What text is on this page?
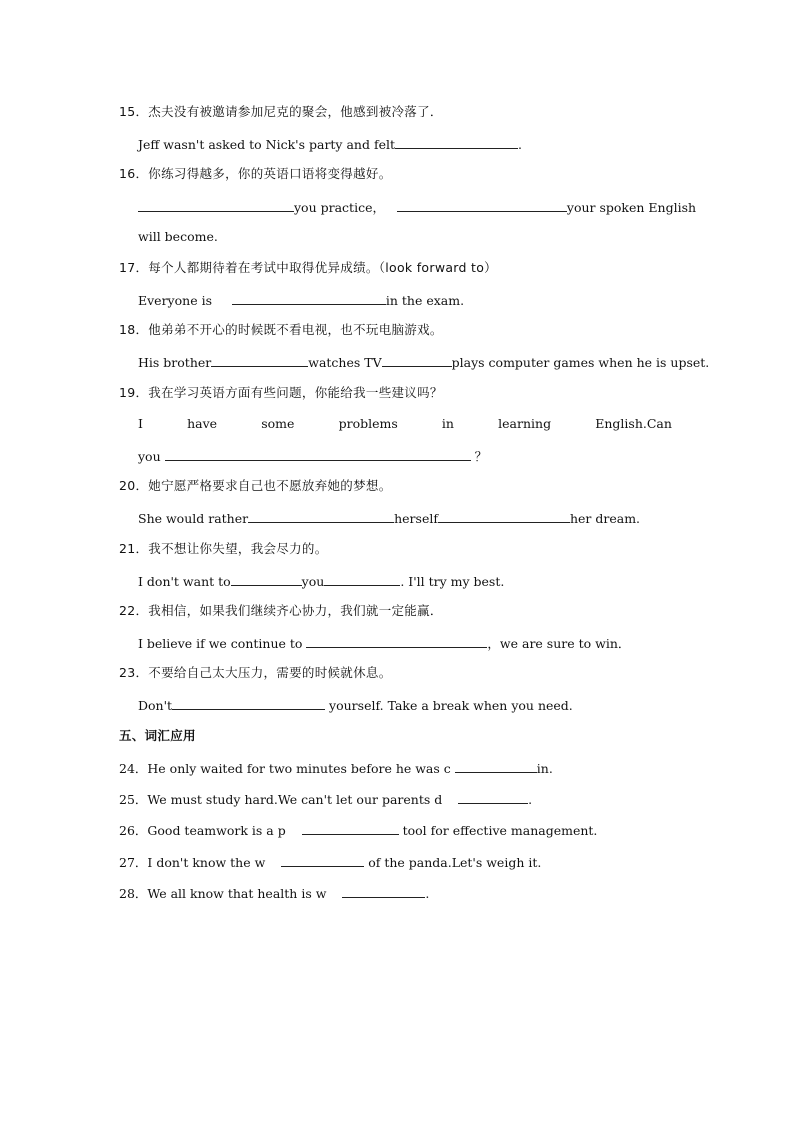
15．杰夫没有被邀请参加尼克的聚会，他感到被冷落了．
Jeff wasn't asked to Nick's party and felt	.
16．你练习得越多，你的英语口语将变得越好。
you practice，	your spoken English
will become.
17．每个人都期待着在考试中取得优异成绩。（look forward to）
Everyone is	in the exam.
18．他弟弟不开心的时候既不看电视，也不玩电脑游戏。
His brother	watches TV	plays computer games when he is upset.
19．我在学习英语方面有些问题，你能给我一些建议吗？
I	have	some	problems	in	learning	English.Can
you	？
20．她宁愿严格要求自己也不愿放弃她的梦想。
She would rather	herself	her dream.
21．我不想让你失望，我会尽力的。
I don't want to	you	. I'll try my best.
22．我相信，如果我们继续齐心协力，我们就一定能赢．
I believe if we continue to	，we are sure to win．
23．不要给自己太大压力，需要的时候就休息。
Don't	yourself. Take a break when you need.
五、词汇应用
24．He only waited for two minutes before he was c	in.
25．We must study hard.We can't let our parents d	.
26．Good teamwork is a p	tool for effective management.
27．I don't know the w	of the panda.Let's weigh it.
28．We all know that health is w	.
